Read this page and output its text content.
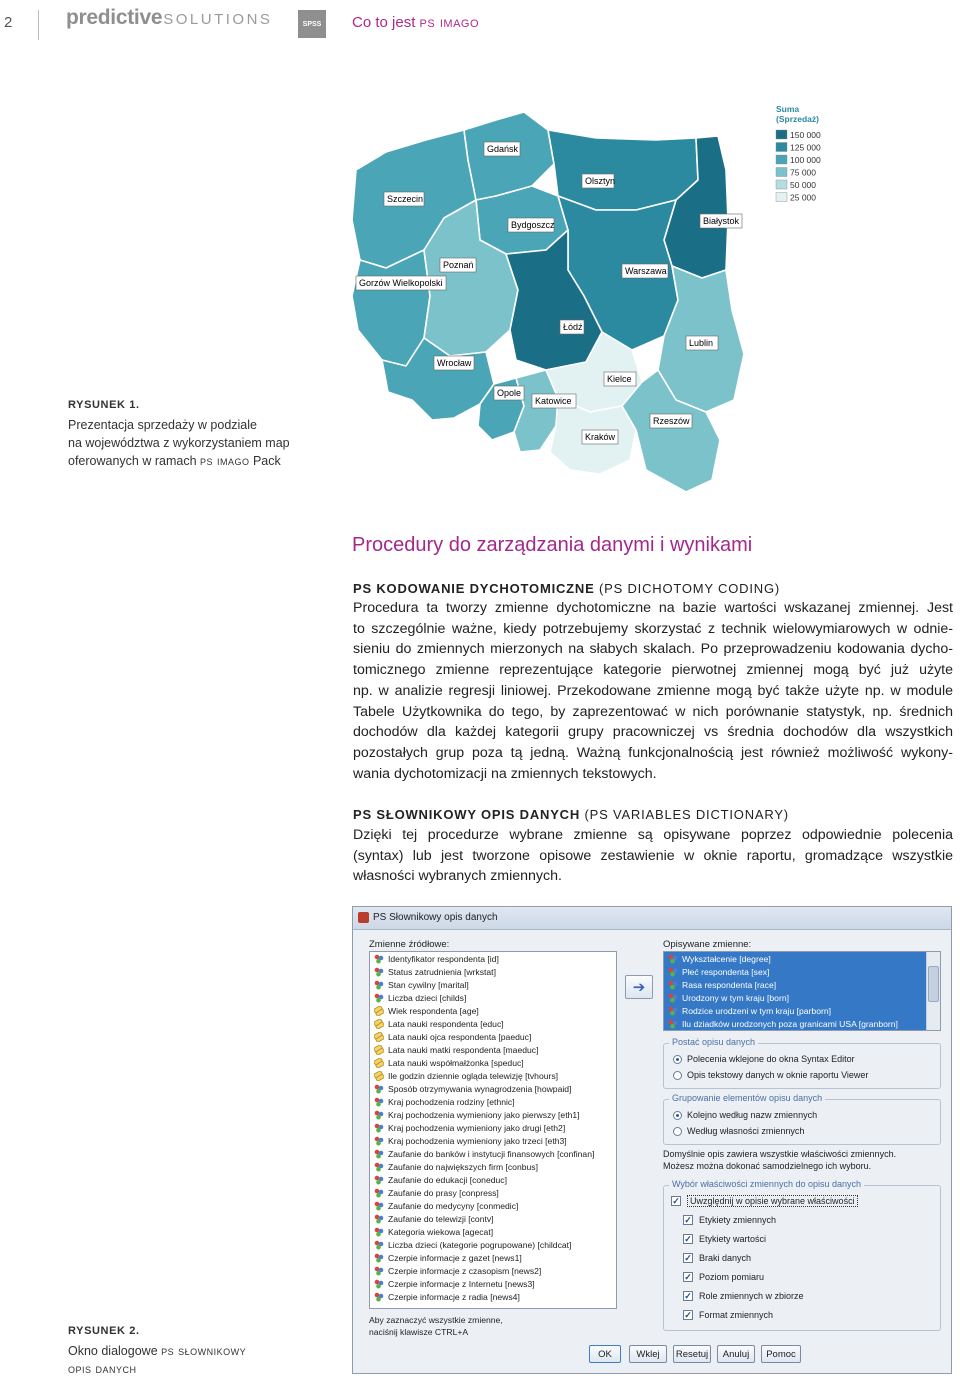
2	predictiveSOLUTIONS	SPSS	Co to jest ps imago
Gdańsk
Olsztyn
Szczecin
Bydgoszcz	Białystok
Poznań
Gorzów Wielkopolski
Warszawa
Łódź
Lublin
Wrocław
Kielce
Opole
Katowice
Rzeszów
Kraków
Suma
(Sprzedaż)
150 000
125 000
100 000
75 000
50 000
25 000
RYSUNEK 1.
Prezentacja sprzedaży w podziale
na województwa z wykorzystaniem map
oferowanych w ramach ps imago Pack
Procedury do zarządzania danymi i wynikami
PS KODOWANIE DYCHOTOMICZNE (PS DICHOTOMY CODING)
Procedura ta tworzy zmienne dychotomiczne na bazie wartości wskazanej zmiennej. Jest
to szczególnie ważne, kiedy potrzebujemy skorzystać z technik wielowymiarowych w odnie-
sieniu do zmiennych mierzonych na słabych skalach. Po przeprowadzeniu kodowania dycho-
tomicznego zmienne reprezentujące kategorie pierwotnej zmiennej mogą być już użyte
np. w analizie regresji liniowej. Przekodowane zmienne mogą być także użyte np. w module
Tabele Użytkownika do tego, by zaprezentować w nich porównanie statystyk, np. średnich
dochodów dla każdej kategorii grupy pracowniczej vs średnia dochodów dla wszystkich
pozostałych grup poza tą jedną. Ważną funkcjonalnością jest również możliwość wykony-
wania dychotomizacji na zmiennych tekstowych.
PS SŁOWNIKOWY OPIS DANYCH (PS VARIABLES DICTIONARY)
Dzięki tej procedurze wybrane zmienne są opisywane poprzez odpowiednie polecenia
(syntax) lub jest tworzone opisowe zestawienie w oknie raportu, gromadzące wszystkie
własności wybranych zmiennych.
RYSUNEK 2.
Okno dialogowe ps słownikowy
opis danych
PS Słownikowy opis danych
Zmienne źródłowe:
Identyfikator respondenta [id]
Status zatrudnienia [wrkstat]
Stan cywilny [marital]
Liczba dzieci [childs]
Wiek respondenta [age]
Lata nauki respondenta [educ]
Lata nauki ojca respondenta [paeduc]
Lata nauki matki respondenta [maeduc]
Lata nauki współmałżonka [speduc]
Ile godzin dziennie ogląda telewizję [tvhours]
Sposób otrzymywania wynagrodzenia [howpaid]
Kraj pochodzenia rodziny [ethnic]
Kraj pochodzenia wymieniony jako pierwszy [eth1]
Kraj pochodzenia wymieniony jako drugi [eth2]
Kraj pochodzenia wymieniony jako trzeci [eth3]
Zaufanie do banków i instytucji finansowych [confinan]
Zaufanie do największych firm [conbus]
Zaufanie do edukacji [coneduc]
Zaufanie do prasy [conpress]
Zaufanie do medycyny [conmedic]
Zaufanie do telewizji [contv]
Kategoria wiekowa [agecat]
Liczba dzieci (kategorie pogrupowane) [childcat]
Czerpie informacje z gazet [news1]
Czerpie informacje z czasopism [news2]
Czerpie informacje z Internetu [news3]
Czerpie informacje z radia [news4]
➔
Opisywane zmienne:
Wykształcenie [degree]
Płeć respondenta [sex]
Rasa respondenta [race]
Urodzony w tym kraju [born]
Rodzice urodzeni w tym kraju [parborn]
Ilu dziadków urodzonych poza granicami USA [granborn]
Postać opisu danych
Polecenia wklejone do okna Syntax Editor
Opis tekstowy danych w oknie raportu Viewer
Grupowanie elementów opisu danych
Kolejno według nazw zmiennych
Według własności zmiennych
Domyślnie opis zawiera wszystkie właściwości zmiennych.
Możesz można dokonać samodzielnego ich wyboru.
Wybór właściwości zmiennych do opisu danych
✓	Uwzględnij w opisie wybrane właściwości
✓ Etykiety zmiennych
✓ Etykiety wartości
✓ Braki danych
✓ Poziom pomiaru
✓ Role zmiennych w zbiorze
✓ Format zmiennych
Aby zaznaczyć wszystkie zmienne,
naciśnij klawisze CTRL+A
OK	Wklej	Resetuj	Anuluj	Pomoc
